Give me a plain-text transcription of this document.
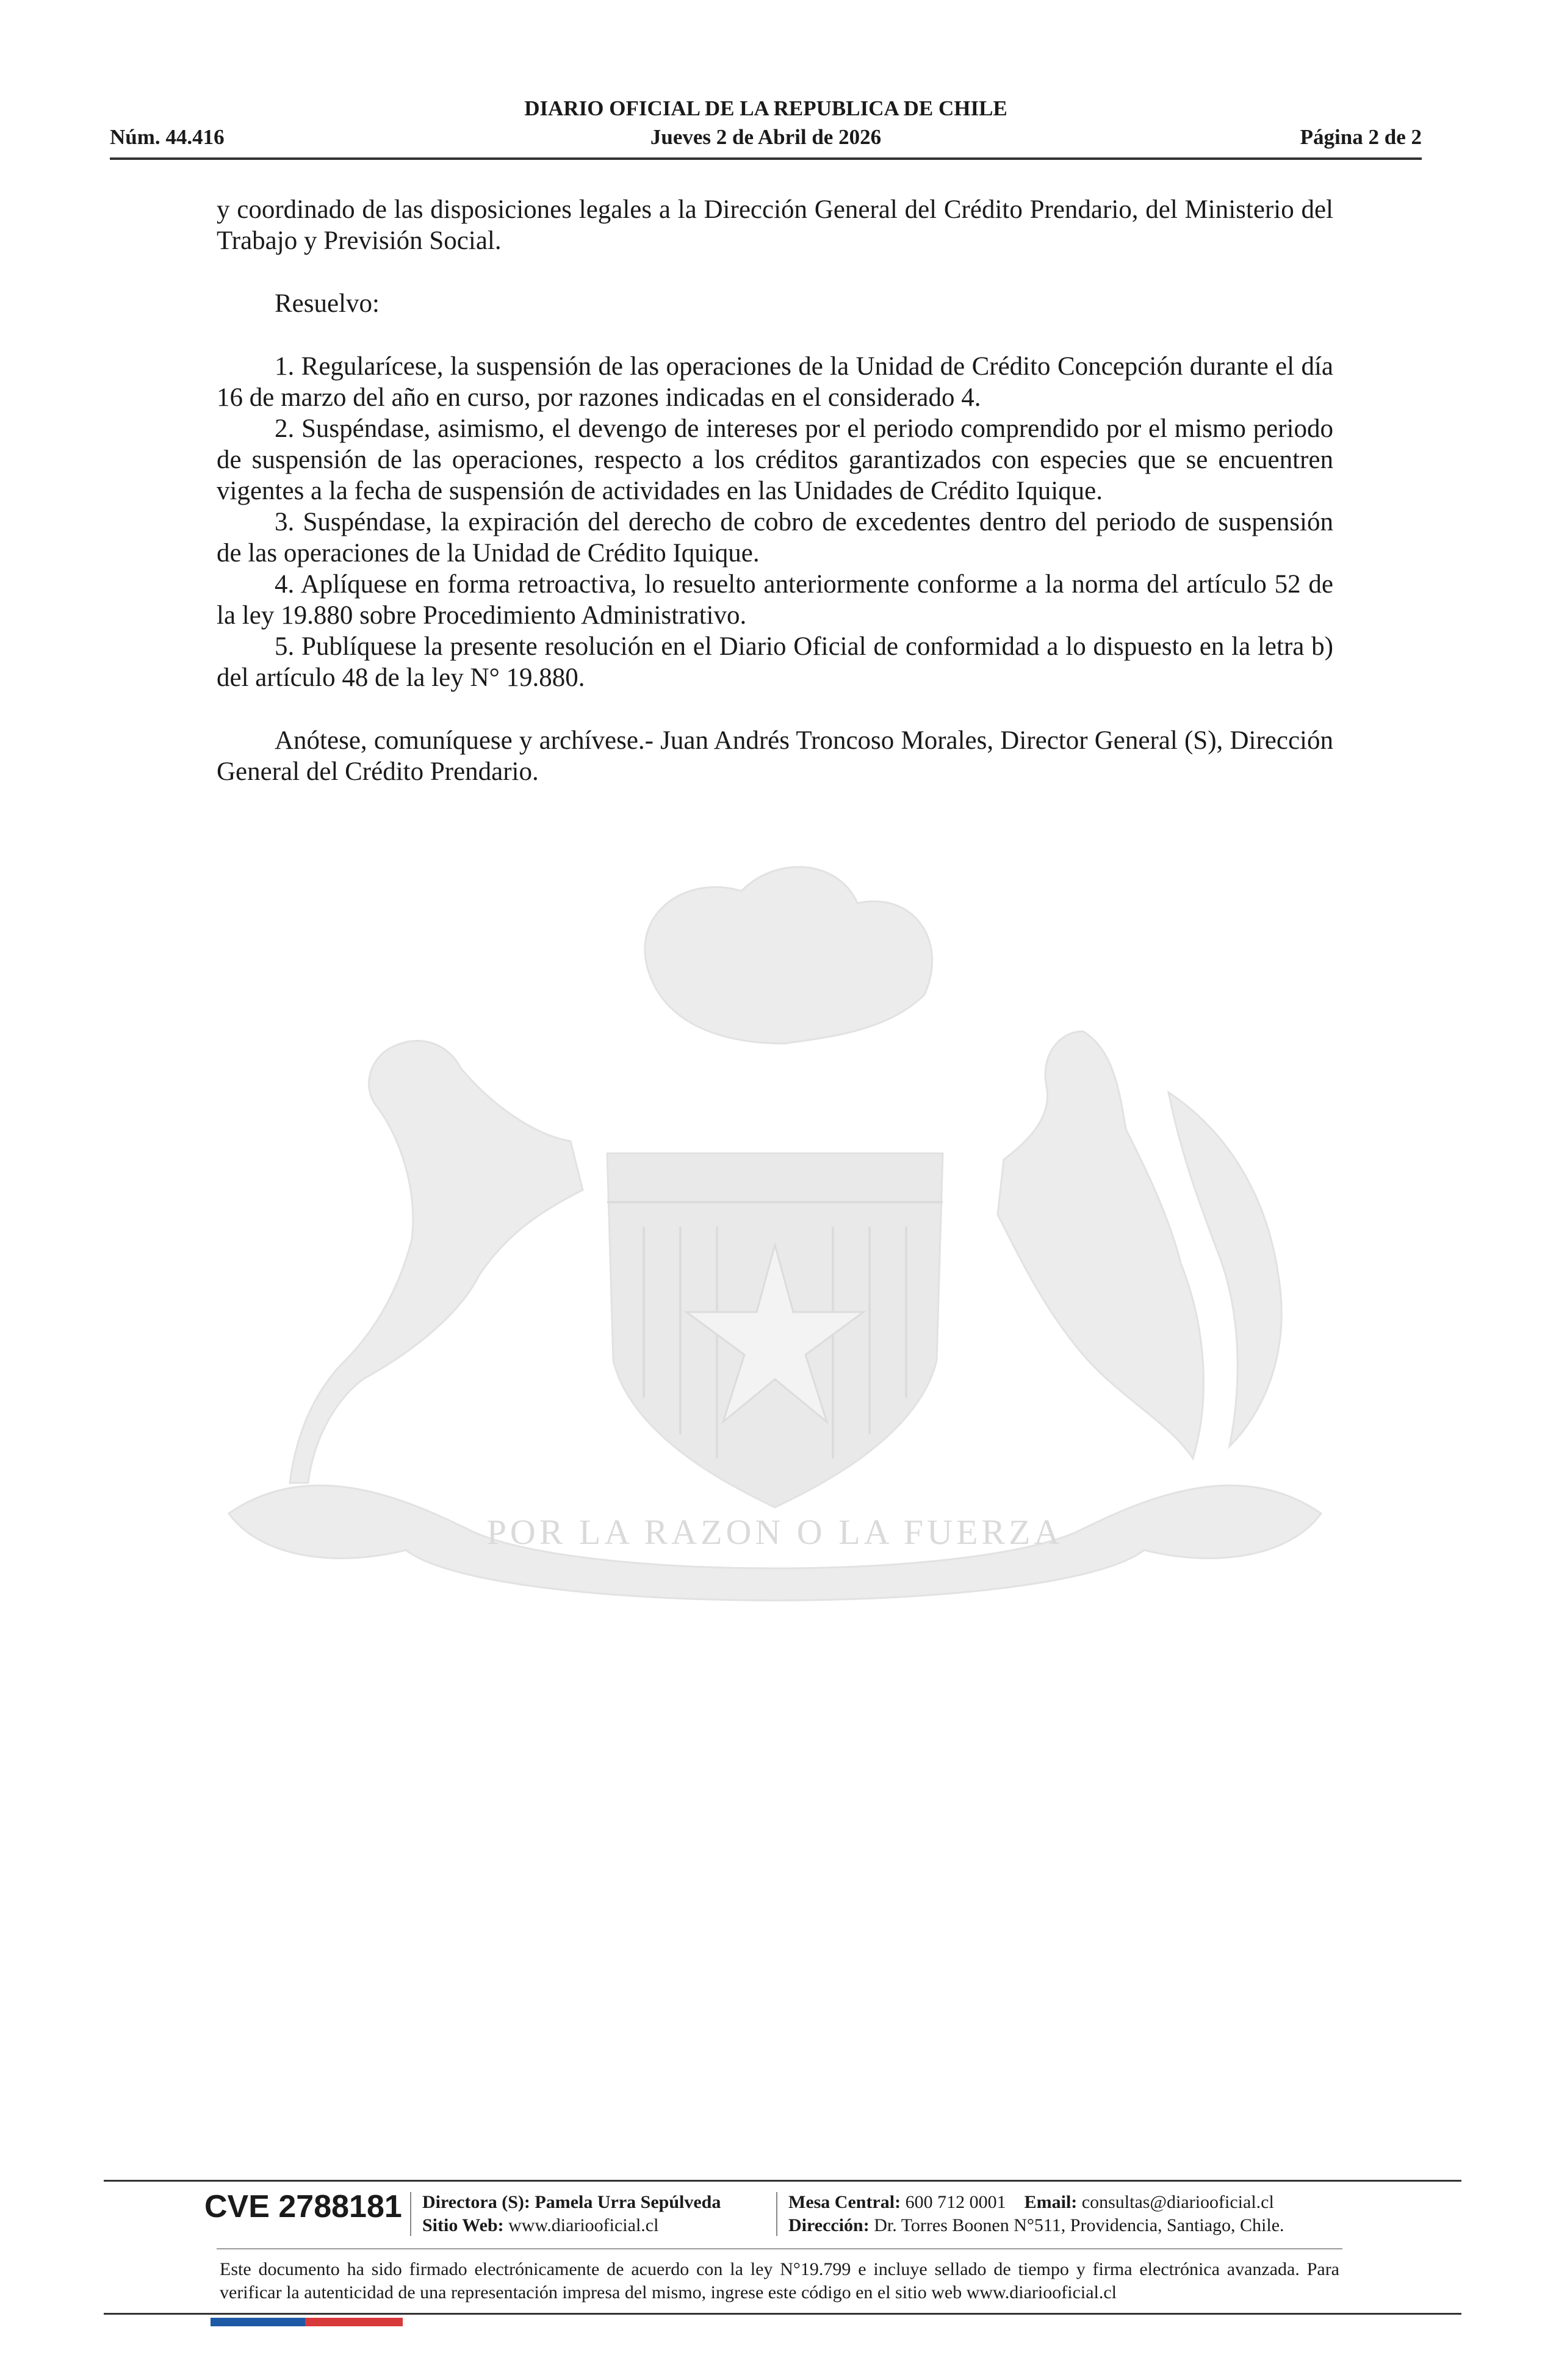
Núm. 44.416
DIARIO OFICIAL DE LA REPUBLICA DE CHILE
Jueves 2 de Abril de 2026	Página 2 de 2
POR LA RAZON O LA FUERZA

y coordinado de las disposiciones legales a la Dirección General del Crédito Prendario, del Ministerio del Trabajo y Previsión Social.

Resuelvo:

1. Regularícese, la suspensión de las operaciones de la Unidad de Crédito Concepción durante el día 16 de marzo del año en curso, por razones indicadas en el considerado 4.

2. Suspéndase, asimismo, el devengo de intereses por el periodo comprendido por el mismo periodo de suspensión de las operaciones, respecto a los créditos garantizados con especies que se encuentren vigentes a la fecha de suspensión de actividades en las Unidades de Crédito Iquique.

3. Suspéndase, la expiración del derecho de cobro de excedentes dentro del periodo de suspensión de las operaciones de la Unidad de Crédito Iquique.

4. Aplíquese en forma retroactiva, lo resuelto anteriormente conforme a la norma del artículo 52 de la ley 19.880 sobre Procedimiento Administrativo.

5. Publíquese la presente resolución en el Diario Oficial de conformidad a lo dispuesto en la letra b) del artículo 48 de la ley N° 19.880.

Anótese, comuníquese y archívese.- Juan Andrés Troncoso Morales, Director General (S), Dirección General del Crédito Prendario.

CVE 2788181 Directora (S): Pamela Urra Sepúlveda
Sitio Web: www.diariooficial.cl
Mesa Central: 600 712 0001 Email: consultas@diariooficial.cl
Dirección: Dr. Torres Boonen N°511, Providencia, Santiago, Chile.
Este documento ha sido firmado electrónicamente de acuerdo con la ley N°19.799 e incluye sellado de tiempo y firma electrónica avanzada. Para verificar la autenticidad de una representación impresa del mismo, ingrese este código en el sitio web www.diariooficial.cl
